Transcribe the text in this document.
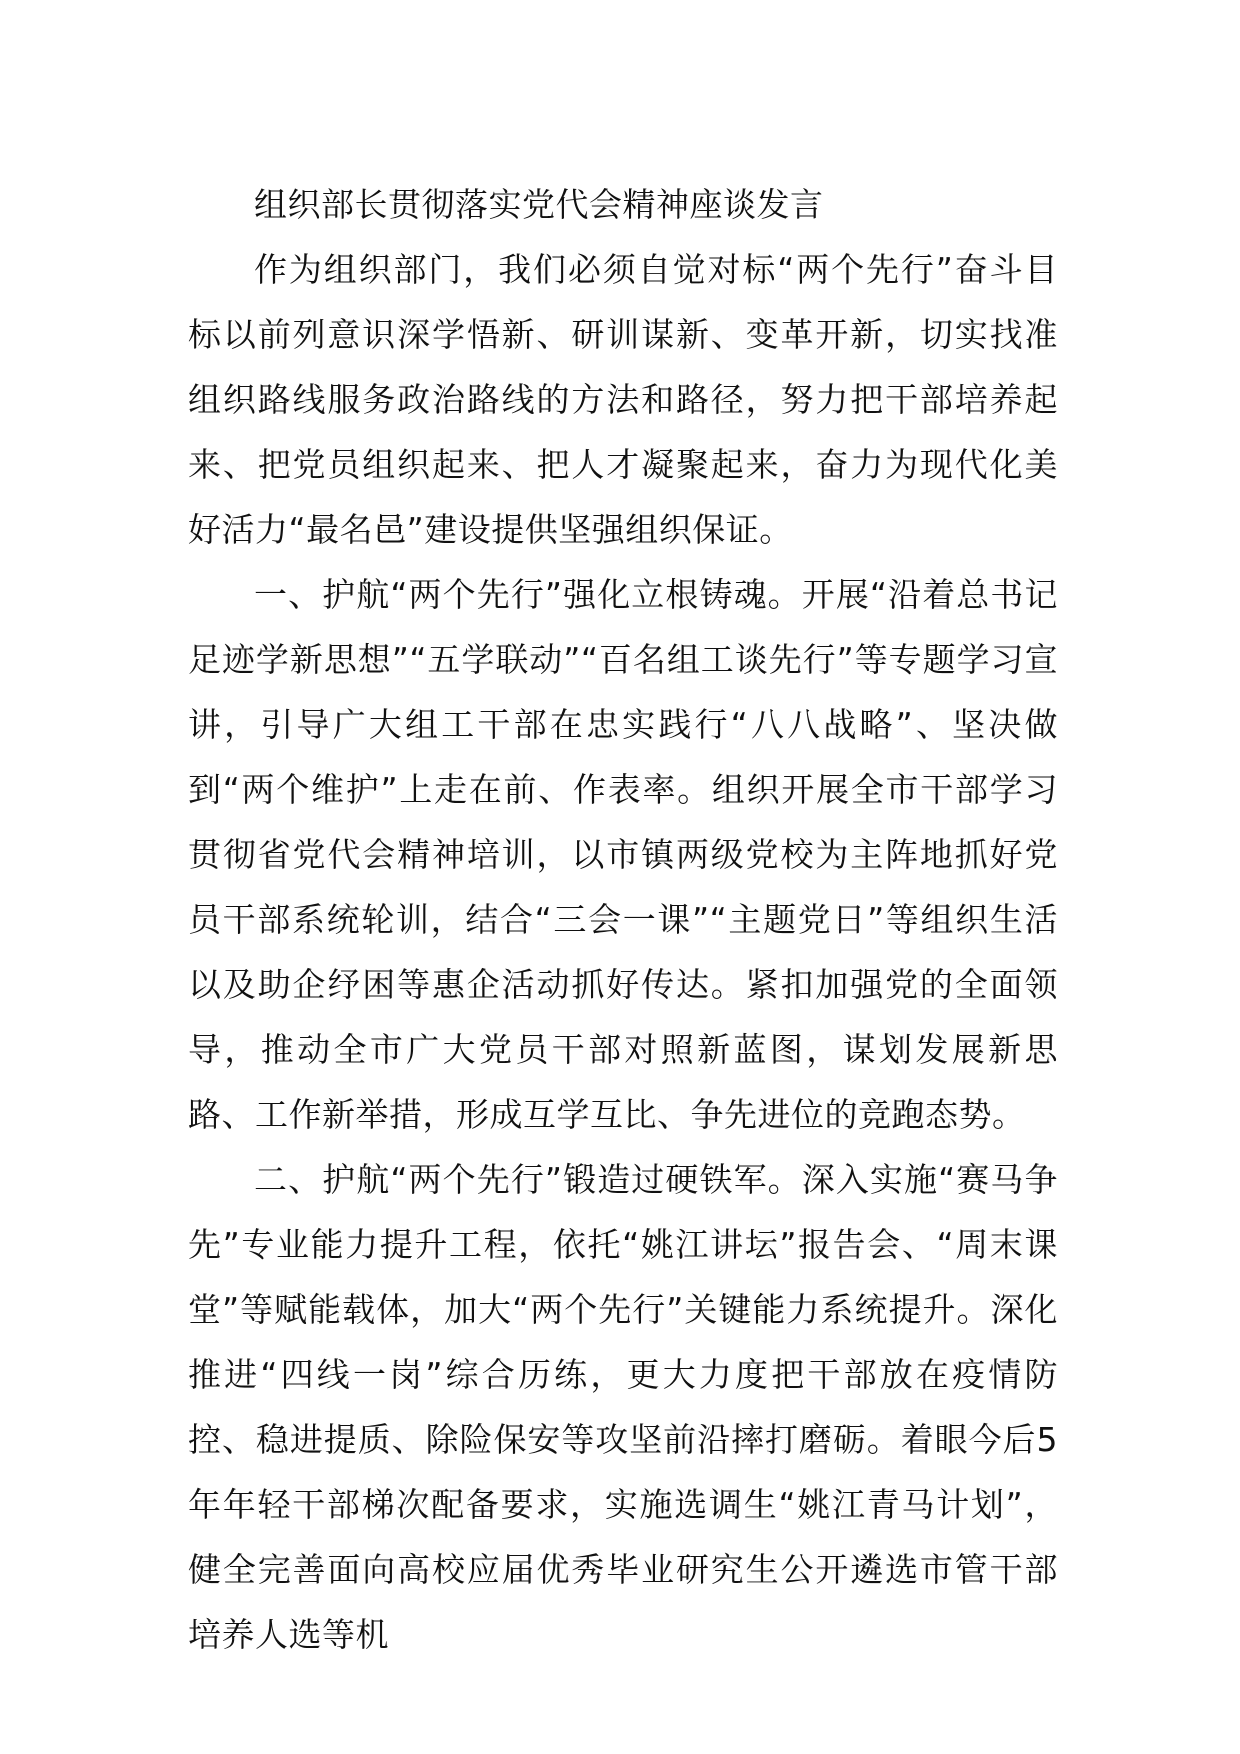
组织部长贯彻落实党代会精神座谈发言

作为组织部门，我们必须自觉对标“两个先行”奋斗目标以前列意识深学悟新、研训谋新、变革开新，切实找准组织路线服务政治路线的方法和路径，努力把干部培养起来、把党员组织起来、把人才凝聚起来，奋力为现代化美好活力“最名邑”建设提供坚强组织保证。

一、护航“两个先行”强化立根铸魂。开展“沿着总书记足迹学新思想”“五学联动”“百名组工谈先行”等专题学习宣讲，引导广大组工干部在忠实践行“八八战略”、坚决做到“两个维护”上走在前、作表率。组织开展全市干部学习贯彻省党代会精神培训，以市镇两级党校为主阵地抓好党员干部系统轮训，结合“三会一课”“主题党日”等组织生活以及助企纾困等惠企活动抓好传达。紧扣加强党的全面领导，推动全市广大党员干部对照新蓝图，谋划发展新思路、工作新举措，形成互学互比、争先进位的竞跑态势。

二、护航“两个先行”锻造过硬铁军。深入实施“赛马争先”专业能力提升工程，依托“姚江讲坛”报告会、“周末课堂”等赋能载体，加大“两个先行”关键能力系统提升。深化推进“四线一岗”综合历练，更大力度把干部放在疫情防控、稳进提质、除险保安等攻坚前沿摔打磨砺。着眼今后5年年轻干部梯次配备要求，实施选调生“姚江青马计划”，健全完善面向高校应届优秀毕业研究生公开遴选市管干部培养人选等机
